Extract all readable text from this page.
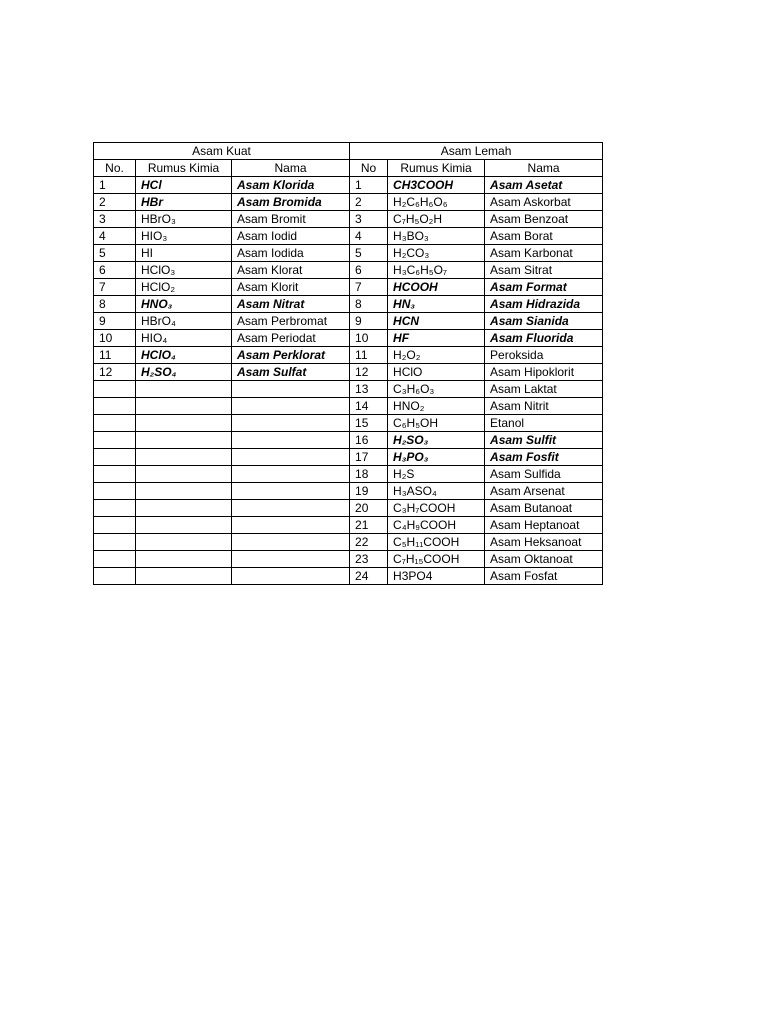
Asam Kuat			Asam Lemah		
No.	Rumus Kimia	Nama	No	Rumus Kimia	Nama
1	HCl	Asam Klorida	1	CH3COOH	Asam Asetat
2	HBr	Asam Bromida	2	H₂C₆H₆O₆	Asam Askorbat
3	HBrO₃	Asam Bromit	3	C₇H₅O₂H	Asam Benzoat
4	HIO₃	Asam Iodid	4	H₃BO₃	Asam Borat
5	HI	Asam Iodida	5	H₂CO₃	Asam Karbonat
6	HClO₃	Asam Klorat	6	H₃C₆H₅O₇	Asam Sitrat
7	HClO₂	Asam Klorit	7	HCOOH	Asam Format
8	HNO₃	Asam Nitrat	8	HN₃	Asam Hidrazida
9	HBrO₄	Asam Perbromat	9	HCN	Asam Sianida
10	HIO₄	Asam Periodat	10	HF	Asam Fluorida
11	HClO₄	Asam Perklorat	11	H₂O₂	Peroksida
12	H₂SO₄	Asam Sulfat	12	HClO	Asam Hipoklorit
			13	C₃H₆O₃	Asam Laktat
			14	HNO₂	Asam Nitrit
			15	C₆H₅OH	Etanol
			16	H₂SO₃	Asam Sulfit
			17	H₃PO₃	Asam Fosfit
			18	H₂S	Asam Sulfida
			19	H₃ASO₄	Asam Arsenat
			20	C₃H₇COOH	Asam Butanoat
			21	C₄H₉COOH	Asam Heptanoat
			22	C₅H₁₁COOH	Asam Heksanoat
			23	C₇H₁₅COOH	Asam Oktanoat
			24	H3PO4	Asam Fosfat
